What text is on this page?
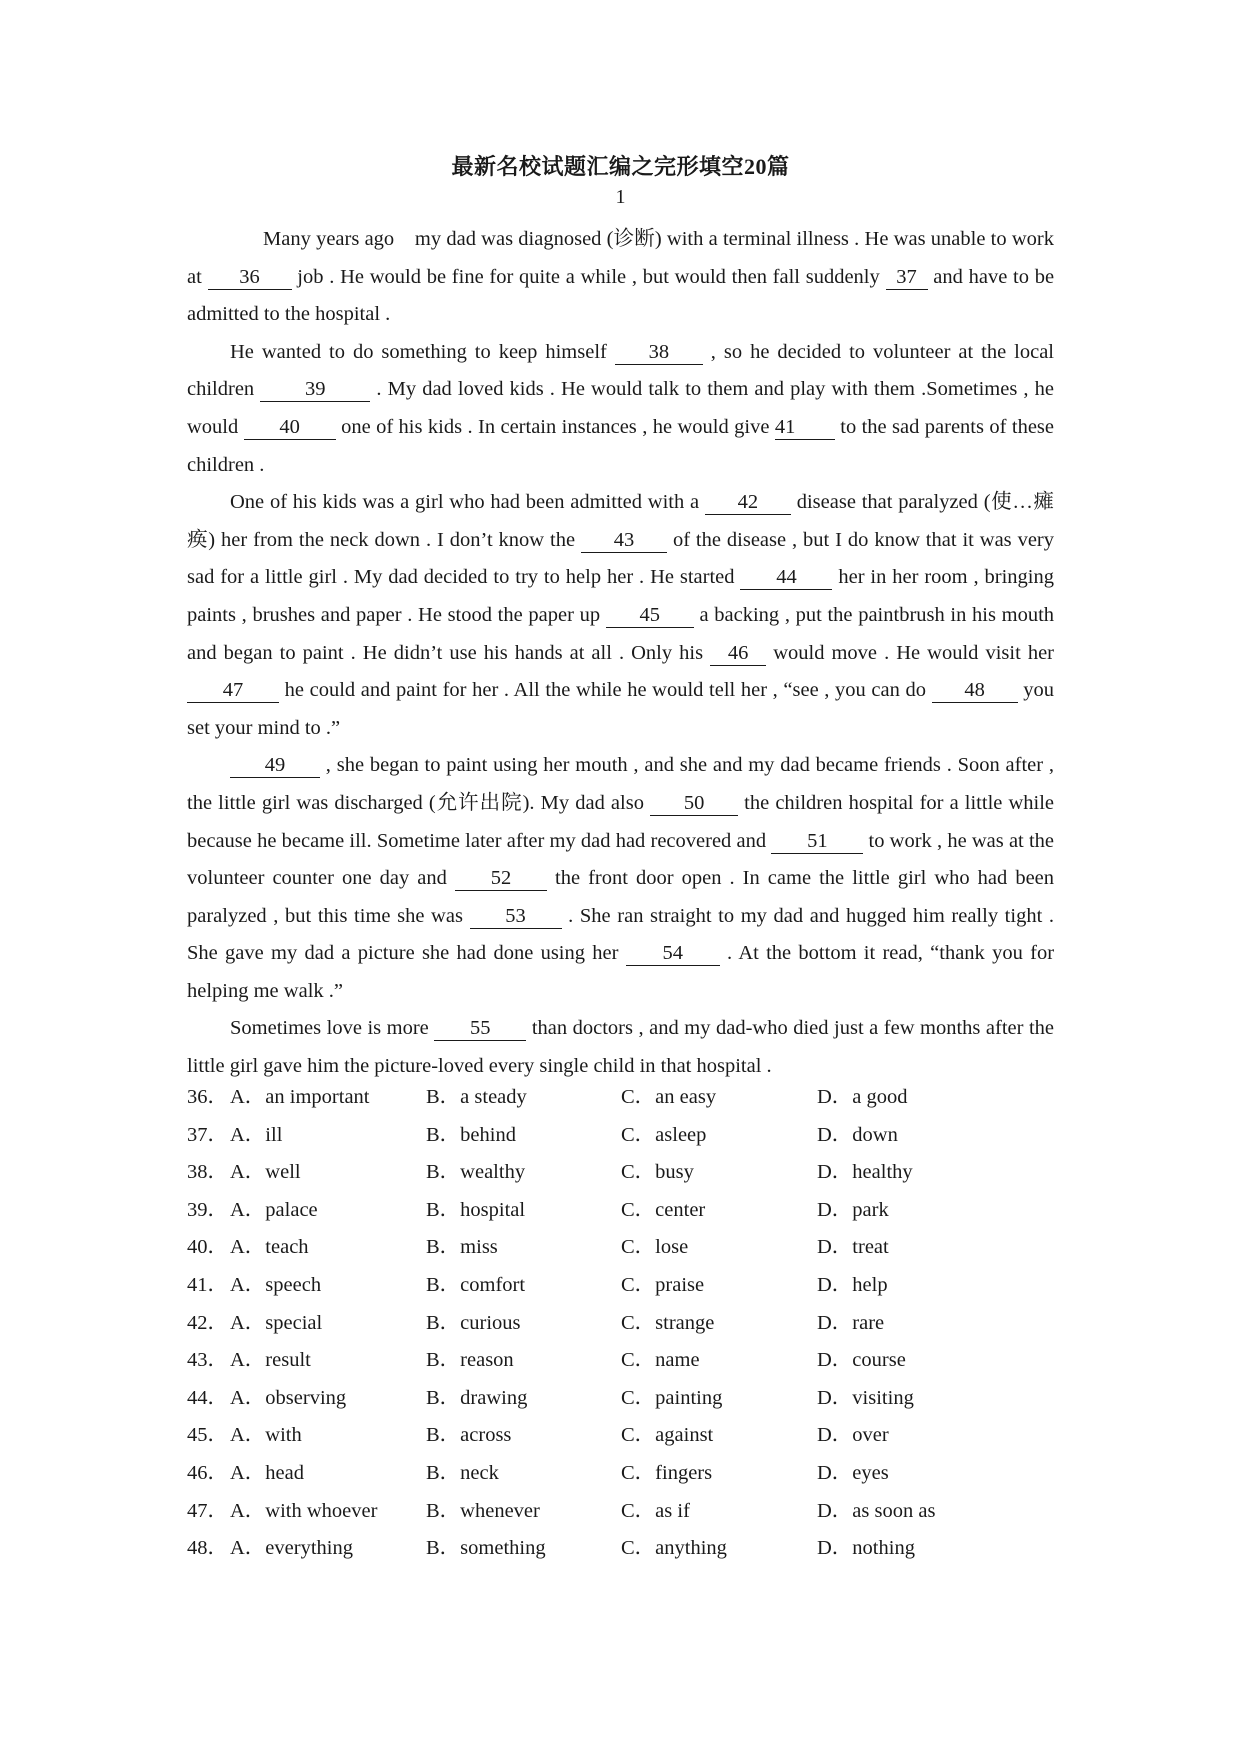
最新名校试题汇编之完形填空20篇
1

Many years ago　my dad was diagnosed (诊断) with a terminal illness . He was unable to work at 36 job . He would be fine for quite a while , but would then fall suddenly 37 and have to be admitted to the hospital .

He wanted to do something to keep himself 38 , so he decided to volunteer at the local children 39 . My dad loved kids . He would talk to them and play with them .Sometimes , he would 40 one of his kids . In certain instances , he would give 41 to the sad parents of these children .

One of his kids was a girl who had been admitted with a 42 disease that paralyzed (使…瘫痪) her from the neck down . I don’t know the 43 of the disease , but I do know that it was very sad for a little girl . My dad decided to try to help her . He started 44 her in her room , bringing paints , brushes and paper . He stood the paper up 45 a backing , put the paintbrush in his mouth and began to paint . He didn’t use his hands at all . Only his 46 would move . He would visit her 47 he could and paint for her . All the while he would tell her , “see , you can do 48 you set your mind to .”

49 , she began to paint using her mouth , and she and my dad became friends . Soon after , the little girl was discharged (允许出院). My dad also 50 the children hospital for a little while because he became ill. Sometime later after my dad had recovered and 51 to work , he was at the volunteer counter one day and 52 the front door open . In came the little girl who had been paralyzed , but this time she was 53 . She ran straight to my dad and hugged him really tight . She gave my dad a picture she had done using her 54 . At the bottom it read, “thank you for helping me walk .”

Sometimes love is more 55 than doctors , and my dad-who died just a few months after the little girl gave him the picture-loved every single child in that hospital .

36． A．an important	B．a steady	C．an easy	D．a good
37． A．ill	B．behind	C．asleep	D．down
38． A．well	B．wealthy	C．busy	D．healthy
39． A．palace	B．hospital	C．center	D．park
40． A．teach	B．miss	C．lose	D．treat
41． A．speech	B．comfort	C．praise	D．help
42． A．special	B．curious	C．strange	D．rare
43． A．result	B．reason	C．name	D．course
44． A．observing	B．drawing	C．painting	D．visiting
45． A．with	B．across	C．against	D．over
46． A．head	B．neck	C．fingers	D．eyes
47． A．with whoever B．whenever	C．as if	D．as soon as
48． A．everything	B．something	C．anything	D．nothing
